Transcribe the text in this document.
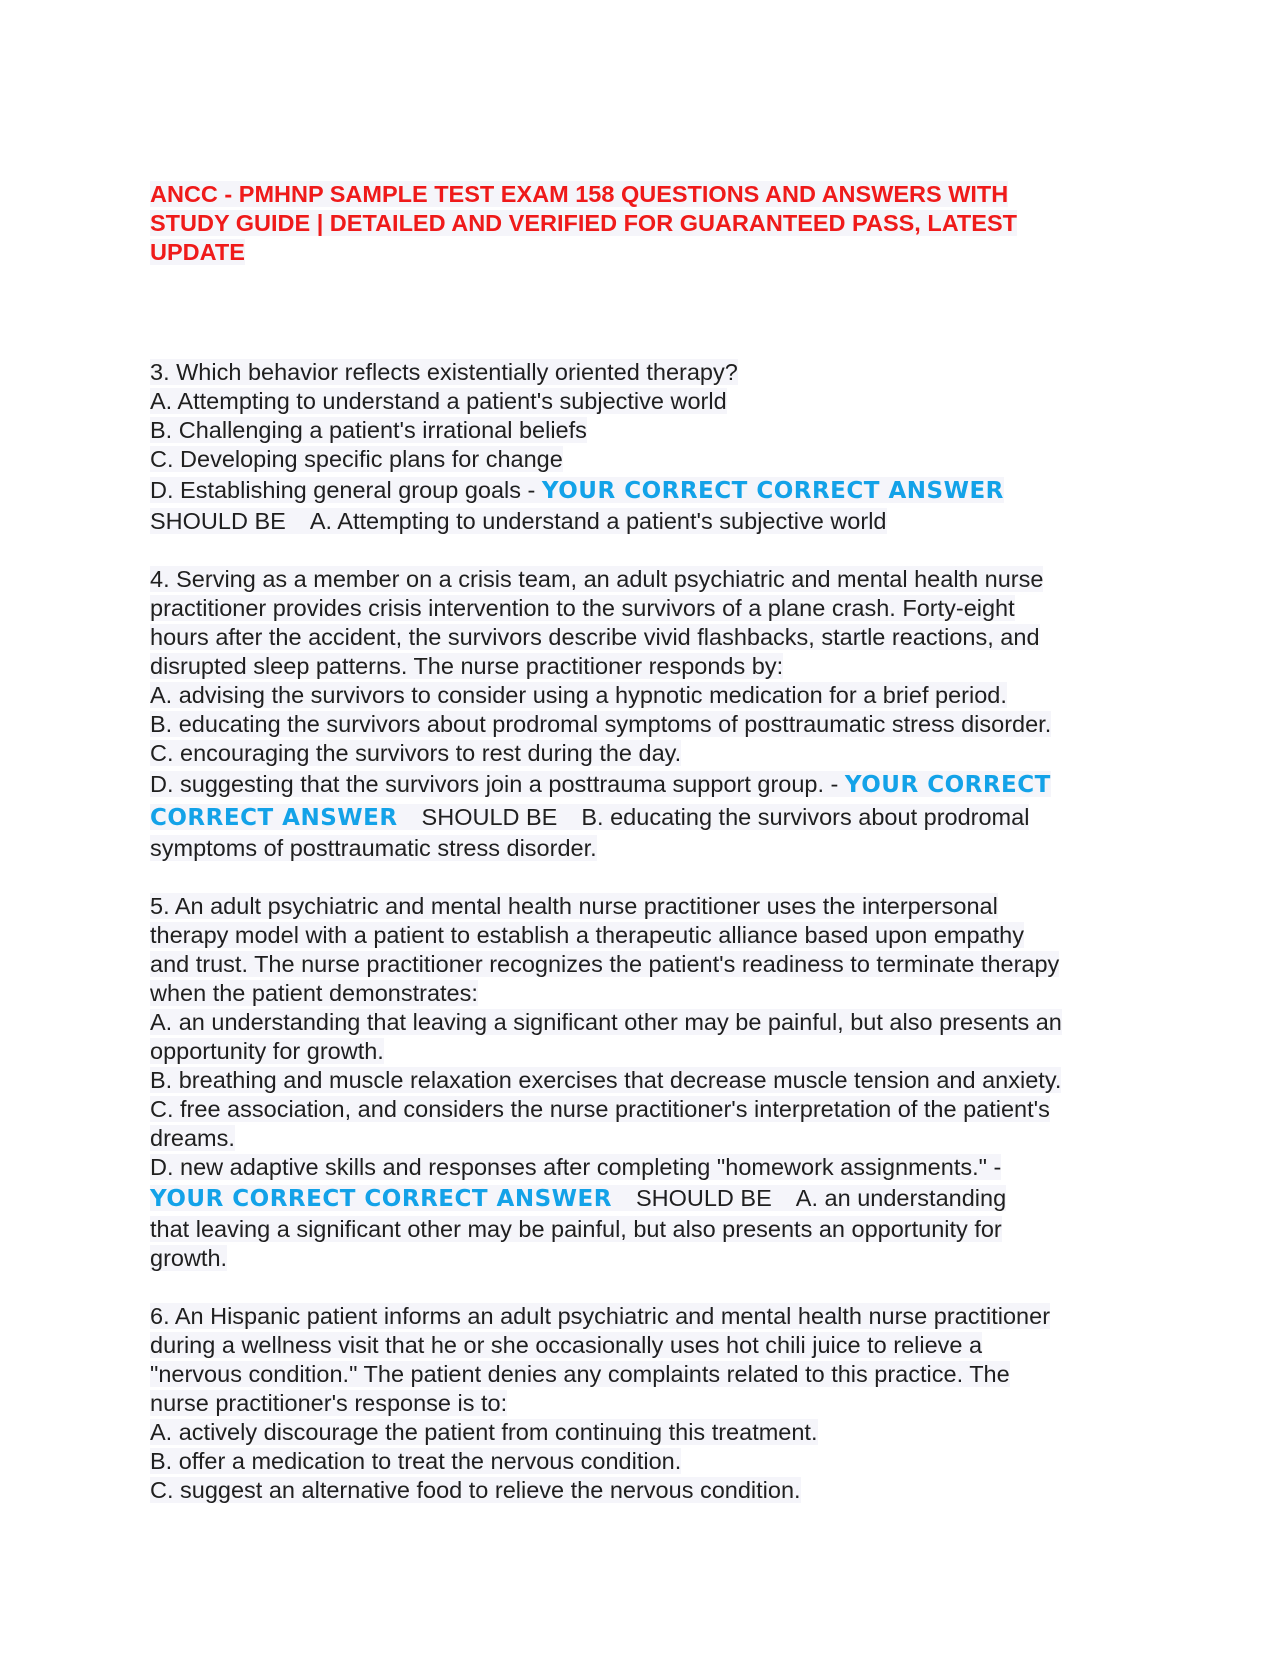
ANCC - PMHNP SAMPLE TEST EXAM 158 QUESTIONS AND ANSWERS WITH
STUDY GUIDE | DETAILED AND VERIFIED FOR GUARANTEED PASS, LATEST
UPDATE
3. Which behavior reflects existentially oriented therapy?
A. Attempting to understand a patient's subjective world
B. Challenging a patient's irrational beliefs
C. Developing specific plans for change
D. Establishing general group goals - YOUR CORRECT CORRECT ANSWER
SHOULD BE A. Attempting to understand a patient's subjective world
4. Serving as a member on a crisis team, an adult psychiatric and mental health nurse
practitioner provides crisis intervention to the survivors of a plane crash. Forty-eight
hours after the accident, the survivors describe vivid flashbacks, startle reactions, and
disrupted sleep patterns. The nurse practitioner responds by:
A. advising the survivors to consider using a hypnotic medication for a brief period.
B. educating the survivors about prodromal symptoms of posttraumatic stress disorder.
C. encouraging the survivors to rest during the day.
D. suggesting that the survivors join a posttrauma support group. - YOUR CORRECT
CORRECT ANSWER SHOULD BE B. educating the survivors about prodromal
symptoms of posttraumatic stress disorder.
5. An adult psychiatric and mental health nurse practitioner uses the interpersonal
therapy model with a patient to establish a therapeutic alliance based upon empathy
and trust. The nurse practitioner recognizes the patient's readiness to terminate therapy
when the patient demonstrates:
A. an understanding that leaving a significant other may be painful, but also presents an
opportunity for growth.
B. breathing and muscle relaxation exercises that decrease muscle tension and anxiety.
C. free association, and considers the nurse practitioner's interpretation of the patient's
dreams.
D. new adaptive skills and responses after completing "homework assignments." -
YOUR CORRECT CORRECT ANSWER SHOULD BE A. an understanding
that leaving a significant other may be painful, but also presents an opportunity for
growth.
6. An Hispanic patient informs an adult psychiatric and mental health nurse practitioner
during a wellness visit that he or she occasionally uses hot chili juice to relieve a
"nervous condition." The patient denies any complaints related to this practice. The
nurse practitioner's response is to:
A. actively discourage the patient from continuing this treatment.
B. offer a medication to treat the nervous condition.
C. suggest an alternative food to relieve the nervous condition.
